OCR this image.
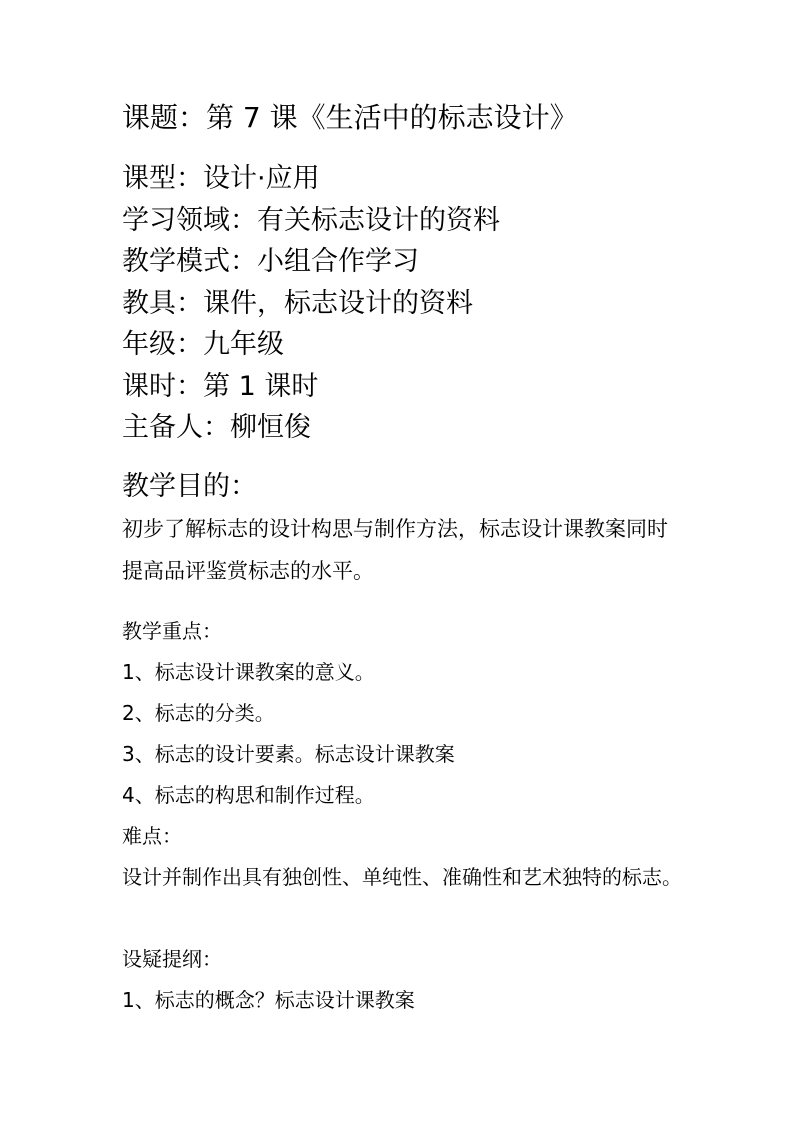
课题：第 7 课《生活中的标志设计》
课型：设计·应用
学习领域：有关标志设计的资料
教学模式：小组合作学习
教具：课件，标志设计的资料
年级：九年级
课时：第 1 课时
主备人：柳恒俊
教学目的：
初步了解标志的设计构思与制作方法，标志设计课教案同时提高品评鉴赏标志的水平。
教学重点：
1、标志设计课教案的意义。
2、标志的分类。
3、标志的设计要素。标志设计课教案
4、标志的构思和制作过程。
难点：
设计并制作出具有独创性、单纯性、准确性和艺术独特的标志。
设疑提纲：
1、标志的概念？标志设计课教案
